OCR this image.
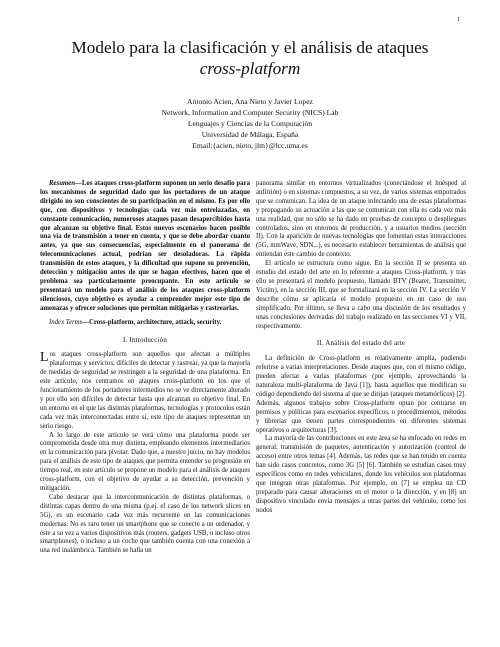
1
Modelo para la clasificación y el análisis de ataques
cross-platform
Antonio Acien, Ana Nieto y Javier Lopez
Network, Information and Computer Security (NICS) Lab
Lenguajes y Ciencias de la Computación
Universidad de Málaga, España
Email:{acien, nieto, jlm}@lcc.uma.es

Resumen—Los ataques cross-platform suponen un serio desafío para los mecanismos de seguridad dado que los portadores de un ataque dirigido no son conscientes de su participación en el mismo. Es por ello que, con dispositivos y tecnologías cada vez más entrelazadas, en constante comunicación, numerosos ataques pasan desapercibidos hasta que alcanzan su objetivo final. Estos nuevos escenarios hacen posible una vía de transmisión a tener en cuenta, y que se debe abordar cuanto antes, ya que sus consecuencias, especialmente en el panorama de telecomunicaciones actual, podrían ser desoladoras. La rápida transmisión de estos ataques, y la dificultad que supone su prevención, detección y mitigación antes de que se hagan efectivos, hacen que el problema sea particularmente preocupante. En este artículo se presentará un modelo para el análisis de los ataques cross-platform silenciosos, cuyo objetivo es ayudar a comprender mejor este tipo de amenazas y ofrecer soluciones que permitan mitigarlas y rastrearlas.

Index Terms—Cross-platform, architecture, attack, security.

I. Introducción

Los ataques cross-platform son aquellos que afectan a múltiples plataformas y servicios, difíciles de detectar y rastrear, ya que la mayoría de medidas de seguridad se restringen a la seguridad de una plataforma. En este artículo, nos centramos en ataques cross-platform en los que el funcionamiento de los portadores intermedios no se ve directamente alterado y por ello son difíciles de detectar hasta que alcanzan su objetivo final. En un entorno en el que las distintas plataformas, tecnologías y protocolos están cada vez más interconectadas entre sí, este tipo de ataques representan un serio riesgo.

A lo largo de este artículo se verá cómo una plataforma puede ser comprometida desde otra muy distinta, empleando elementos intermediarios en la comunicación para pivotar. Dado que, a nuestro juicio, no hay modelos para el análisis de este tipo de ataques que permita entender su progresión en tiempo real, en este artículo se propone un modelo para el análisis de ataques cross-platform, con el objetivo de ayudar a su detección, prevención y mitigación.

Cabe destacar que la interconmunicación de distintas plataformas, o distintas capas dentro de una misma (p.ej. el caso de los network slices en 5G), es un escenario cada vez más recurrente en las comunicaciones modernas. No es raro tener un smartphone que se conecte a un ordenador, y éste a su vez a varios dispositivos más (routers, gadgets USB, o incluso otros smartphones), o incluso a un coche que también cuenta con una conexión a una red inalámbrica. También se halla un

panorama similar en entornos virtualizados (conectándose el huésped al anfitrión) o en sistemas compuestos, a su vez, de varios sistemas empotrados que se comunican. La idea de un ataque infectando una de estas plataformas y propagando su actuación a las que se comunican con ella es cada vez más una realidad, que no sólo se ha dado en pruebas de concepto o despliegues controlados, sino en entornos de producción, y a usuarios medios (sección II). Con la aparición de nuevas tecnologías que fomentan estas interacciones (5G, mmWave, SDN...), es necesario establecer herramientas de análisis que entiendan este cambio de contexto.

El artículo se estructura como sigue. En la sección II se presenta un estudio del estado del arte en lo referente a ataques Cross-platform, y tras ello se presentará el modelo propuesto, llamado BTV (Bearer, Transmitter, Victim), en la sección III, que se formalizará en la sección IV. La sección V describe cómo se aplicaría el modelo propuesto en un caso de uso simplificado. Por último, se lleva a cabo una discusión de los resultados y unas conclusiones derivadas del trabajo realizado en las secciones VI y VII, respectivamente.

II. Análisis del estado del arte

La definición de Cross-platform es relativamente amplia, pudiendo referirse a varias interpretaciones. Desde ataques que, con el mismo código, pueden afectar a varias plataformas (por ejemplo, aprovechando la naturaleza multi-plataforma de Java [1]), hasta aquellos que modifican su código dependiendo del sistema al que se dirijan (ataques metamórficos) [2]. Además, algunos trabajos sobre Cross-platform optan por centrarse en permisos y políticas para escenarios específicos, o procedimientos, métodos y librerías que tienen partes correspondientes en diferentes sistemas operativos o arquitecturas [3].

La mayoría de las contribuciones en este área se ha enfocado en redes en general: transmisión de paquetes, autenticación y autorización (control de acceso) entre otros temas [4]. Además, las redes que se han tenido en cuenta han sido casos concretos, como 3G [5] [6]. También se estudian casos muy específicos como en redes vehiculares, donde los vehículos son plataformas que integran otras plataformas. Por ejemplo, en [7] se emplea un CD preparado para causar alteraciones en el motor o la dirección, y en [8] un dispositivo vinculado envía mensajes a otras partes del vehículo, como los nodos
